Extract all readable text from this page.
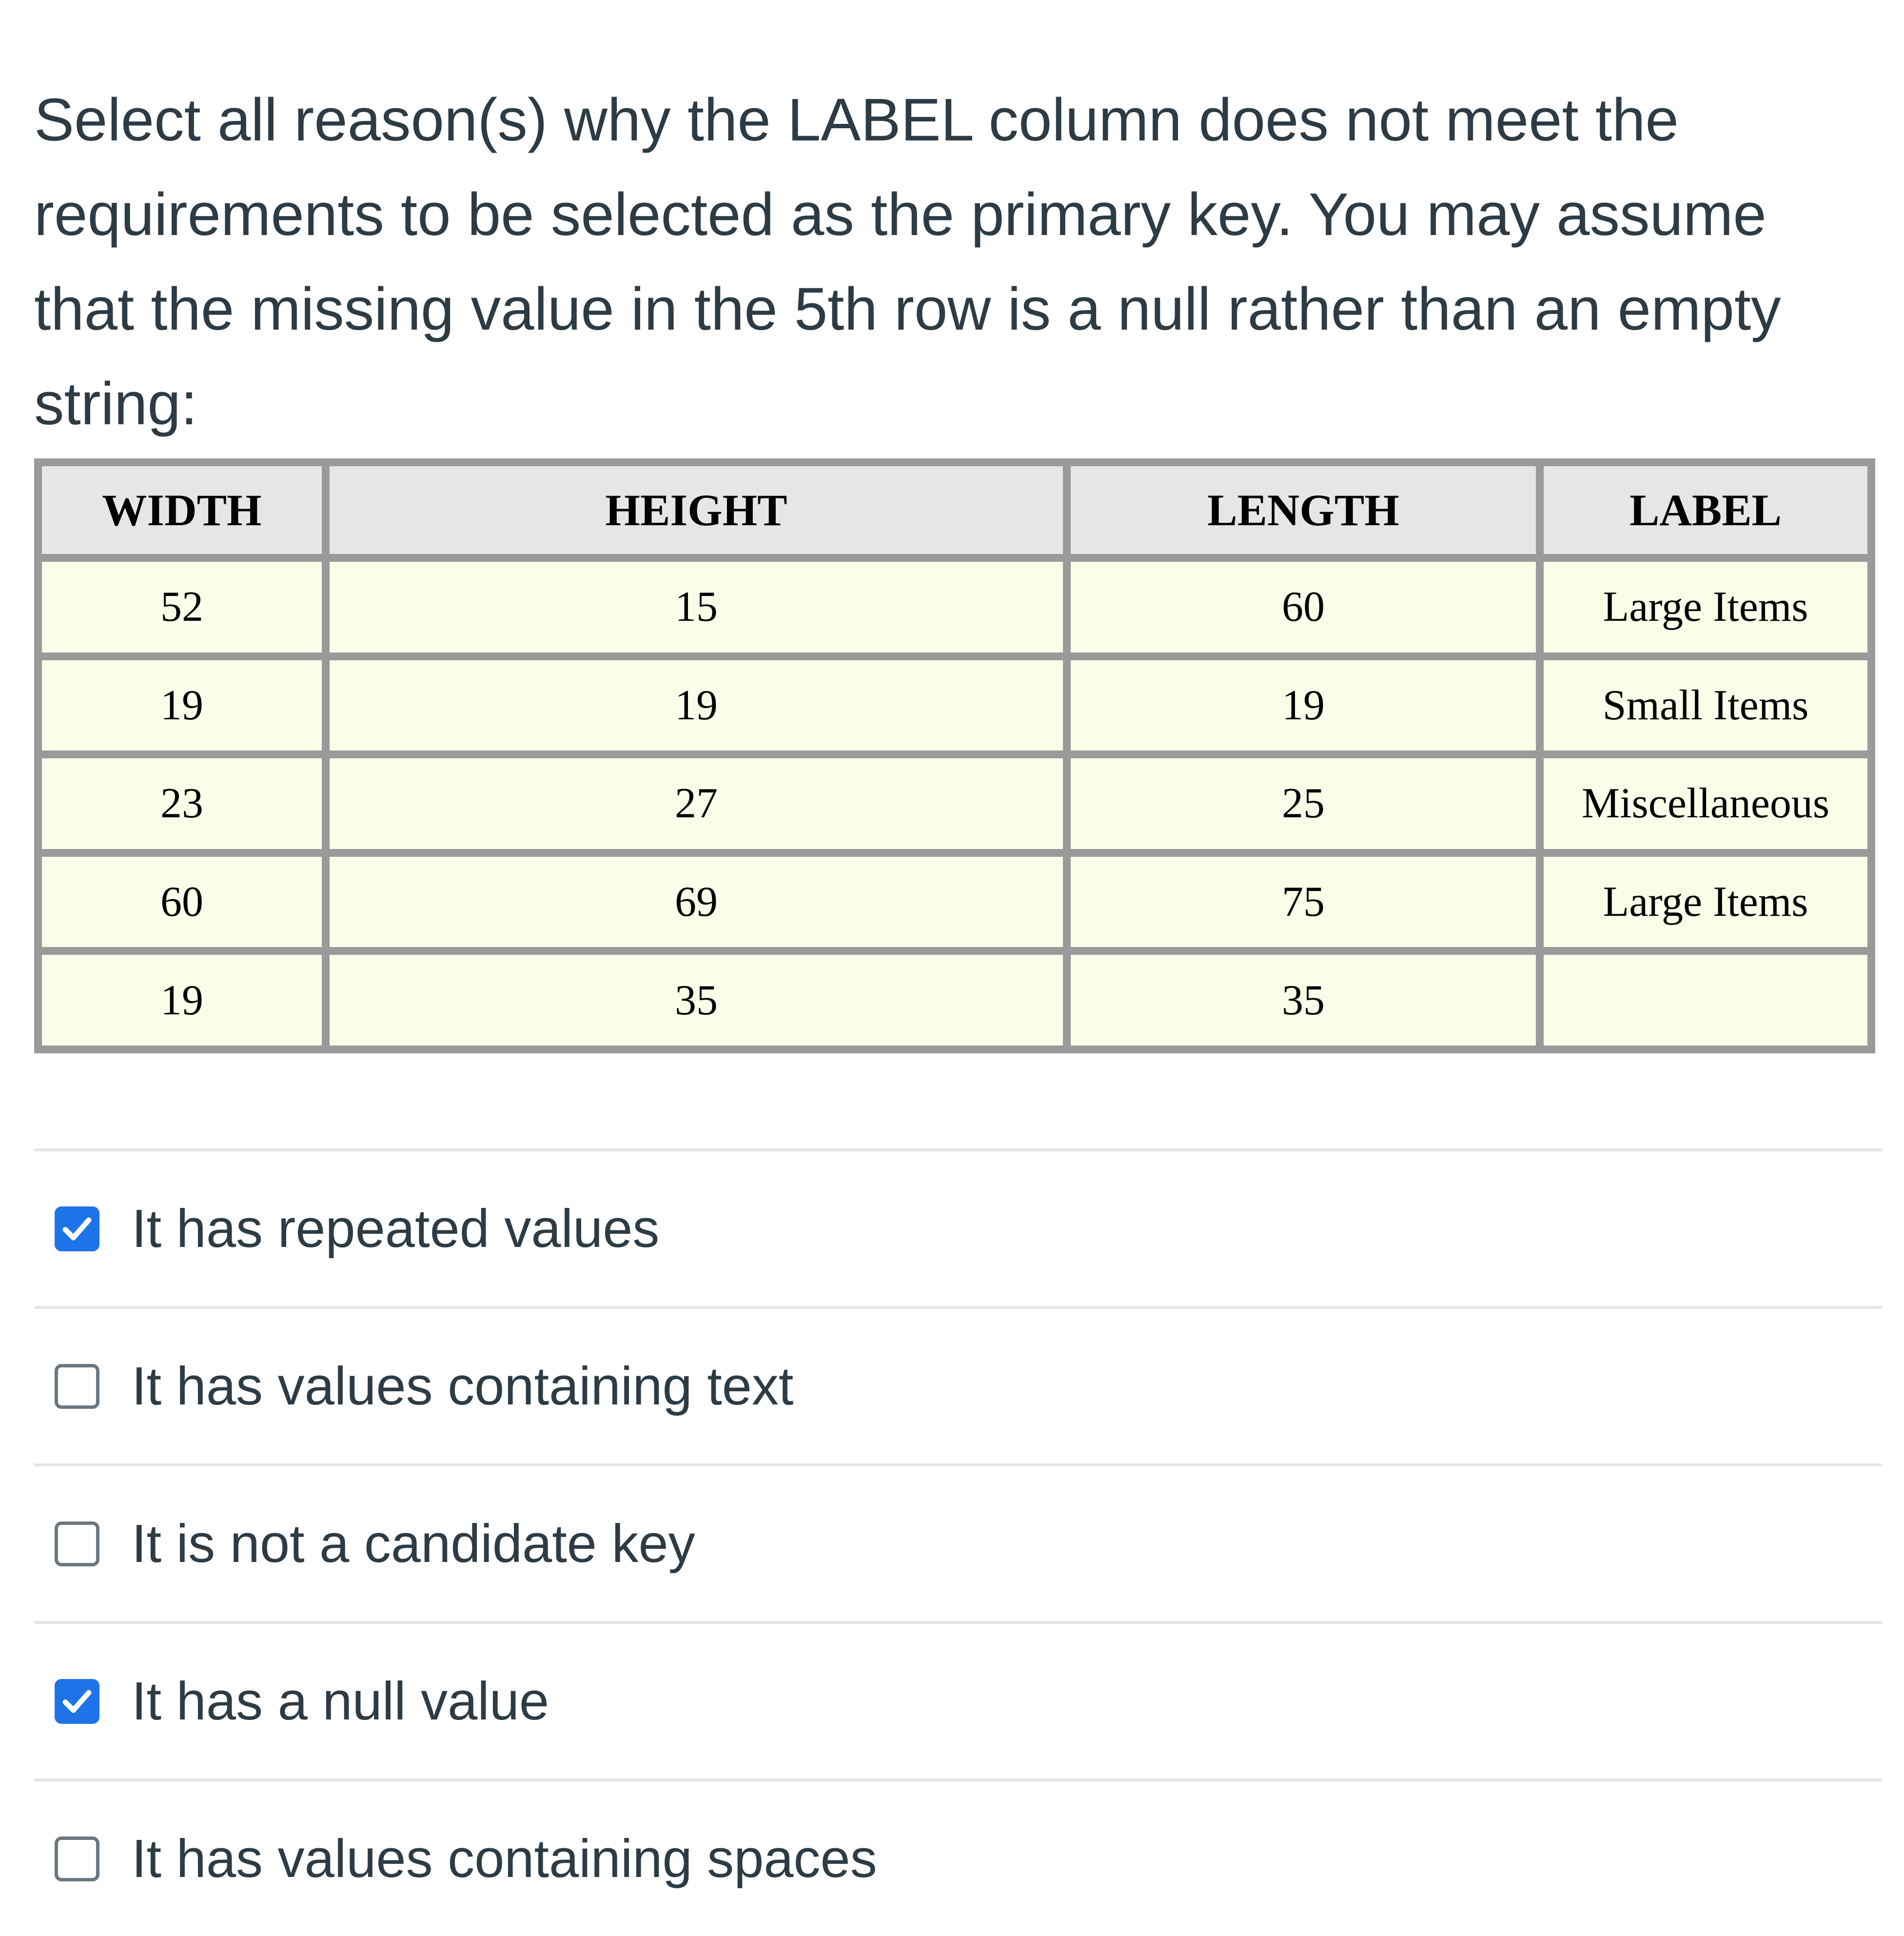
Select all reason(s) why the LABEL column does not meet the requirements to be selected as the primary key. You may assume that the missing value in the 5th row is a null rather than an empty string:

WIDTH	HEIGHT	LENGTH	LABEL
52	15	60	Large Items
19	19	19	Small Items
23	27	25	Miscellaneous
60	69	75	Large Items
19	35	35	
It has repeated values
It has values containing text
It is not a candidate key
It has a null value
It has values containing spaces
